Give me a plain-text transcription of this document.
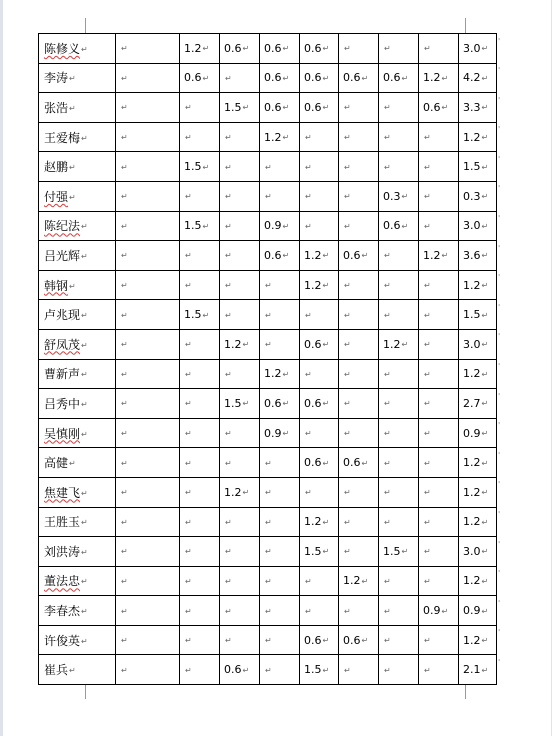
陈修义↵	↵	1.2↵	0.6↵	0.6↵	0.6↵	↵	↵	↵	3.0↵
李涛↵	↵	0.6↵	↵	0.6↵	0.6↵	0.6↵	0.6↵	1.2↵	4.2↵
张浩↵	↵	↵	1.5↵	0.6↵	0.6↵	↵	↵	0.6↵	3.3↵
王爱梅↵	↵	↵	↵	1.2↵	↵	↵	↵	↵	1.2↵
赵鹏↵	↵	1.5↵	↵	↵	↵	↵	↵	↵	1.5↵
付强↵	↵	↵	↵	↵	↵	↵	0.3↵	↵	0.3↵
陈纪法↵	↵	1.5↵	↵	0.9↵	↵	↵	0.6↵	↵	3.0↵
吕光辉↵	↵	↵	↵	0.6↵	1.2↵	0.6↵	↵	1.2↵	3.6↵
韩钢↵	↵	↵	↵	↵	1.2↵	↵	↵	↵	1.2↵
卢兆现↵	↵	1.5↵	↵	↵	↵	↵	↵	↵	1.5↵
舒凤茂↵	↵	↵	1.2↵	↵	0.6↵	↵	1.2↵	↵	3.0↵
曹新声↵	↵	↵	↵	1.2↵	↵	↵	↵	↵	1.2↵
吕秀中↵	↵	↵	1.5↵	0.6↵	0.6↵	↵	↵	↵	2.7↵
吴慎刚↵	↵	↵	↵	0.9↵	↵	↵	↵	↵	0.9↵
高健↵	↵	↵	↵	↵	0.6↵	0.6↵	↵	↵	1.2↵
焦建飞↵	↵	↵	1.2↵	↵	↵	↵	↵	↵	1.2↵
王胜玉↵	↵	↵	↵	↵	1.2↵	↵	↵	↵	1.2↵
刘洪涛↵	↵	↵	↵	↵	1.5↵	↵	1.5↵	↵	3.0↵
董法忠↵	↵	↵	↵	↵	↵	1.2↵	↵	↵	1.2↵
李春杰↵	↵	↵	↵	↵	↵	↵	↵	0.9↵	0.9↵
许俊英↵	↵	↵	↵	↵	0.6↵	0.6↵	↵	↵	1.2↵
崔兵↵	↵	↵	0.6↵	↵	1.5↵	↵	↵	↵	2.1↵
'
'
'
'
'
'
'
'
'
'
'
'
'
'
'
'
'
'
'
'
'
'
